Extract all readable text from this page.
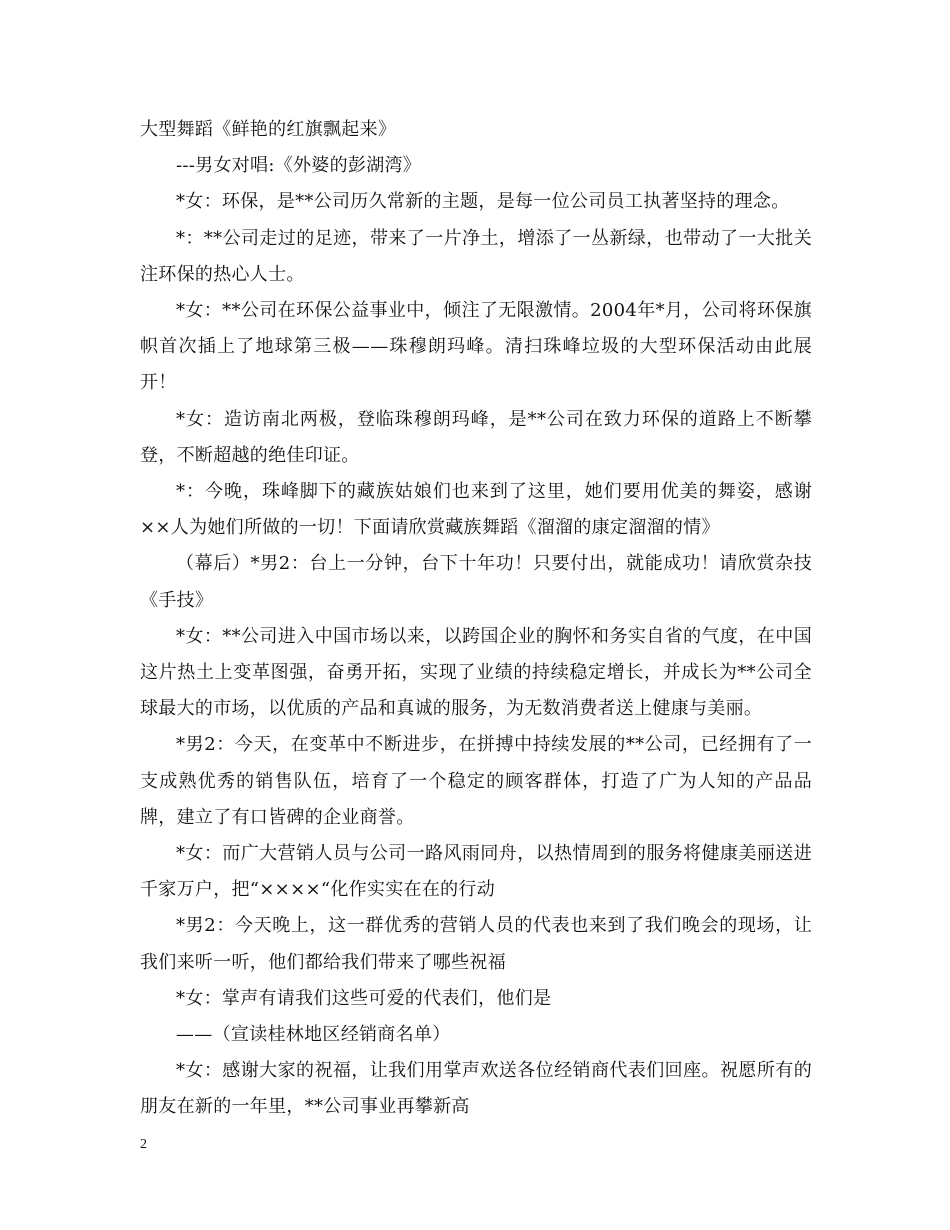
大型舞蹈《鲜艳的红旗飘起来》

---男女对唱:《外婆的彭湖湾》

*女：环保，是**公司历久常新的主题，是每一位公司员工执著坚持的理念。

*：**公司走过的足迹，带来了一片净土，增添了一丛新绿，也带动了一大批关注环保的热心人士。

*女：**公司在环保公益事业中，倾注了无限激情。2004年*月，公司将环保旗帜首次插上了地球第三极——珠穆朗玛峰。清扫珠峰垃圾的大型环保活动由此展开！

*女：造访南北两极，登临珠穆朗玛峰，是**公司在致力环保的道路上不断攀登，不断超越的绝佳印证。

*：今晚，珠峰脚下的藏族姑娘们也来到了这里，她们要用优美的舞姿，感谢××人为她们所做的一切！下面请欣赏藏族舞蹈《溜溜的康定溜溜的情》

（幕后）*男2：台上一分钟，台下十年功！只要付出，就能成功！请欣赏杂技《手技》

*女：**公司进入中国市场以来，以跨国企业的胸怀和务实自省的气度，在中国这片热土上变革图强，奋勇开拓，实现了业绩的持续稳定增长，并成长为**公司全球最大的市场，以优质的产品和真诚的服务，为无数消费者送上健康与美丽。

*男2：今天，在变革中不断进步，在拼搏中持续发展的**公司，已经拥有了一支成熟优秀的销售队伍，培育了一个稳定的顾客群体，打造了广为人知的产品品牌，建立了有口皆碑的企业商誉。

*女：而广大营销人员与公司一路风雨同舟，以热情周到的服务将健康美丽送进千家万户，把“××××“化作实实在在的行动

*男2：今天晚上，这一群优秀的营销人员的代表也来到了我们晚会的现场，让我们来听一听，他们都给我们带来了哪些祝福

*女：掌声有请我们这些可爱的代表们，他们是

——（宣读桂林地区经销商名单）

*女：感谢大家的祝福，让我们用掌声欢送各位经销商代表们回座。祝愿所有的朋友在新的一年里，**公司事业再攀新高

2
